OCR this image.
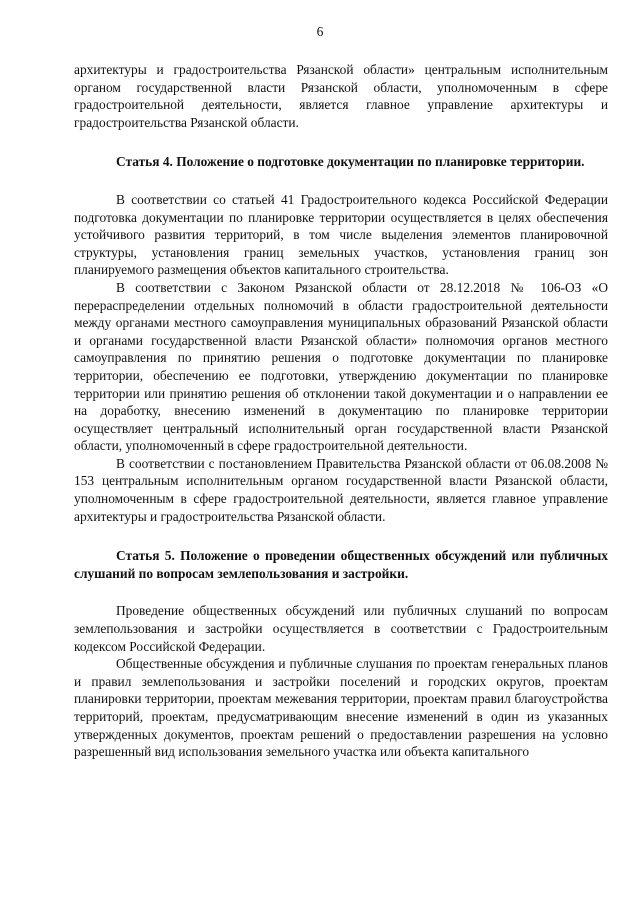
6

архитектуры и градостроительства Рязанской области» центральным исполнительным органом государственной власти Рязанской области, уполномоченным в сфере градостроительной деятельности, является главное управление архитектуры и градостроительства Рязанской области.

Статья 4. Положение о подготовке документации по планировке территории.

В соответствии со статьей 41 Градостроительного кодекса Российской Федерации подготовка документации по планировке территории осуществляется в целях обеспечения устойчивого развития территорий, в том числе выделения элементов планировочной структуры, установления границ земельных участков, установления границ зон планируемого размещения объектов капитального строительства.

В соответствии с Законом Рязанской области от 28.12.2018 № 106-ОЗ «О перераспределении отдельных полномочий в области градостроительной деятельности между органами местного самоуправления муниципальных образований Рязанской области и органами государственной власти Рязанской области» полномочия органов местного самоуправления по принятию решения о подготовке документации по планировке территории, обеспечению ее подготовки, утверждению документации по планировке территории или принятию решения об отклонении такой документации и о направлении ее на доработку, внесению изменений в документацию по планировке территории осуществляет центральный исполнительный орган государственной власти Рязанской области, уполномоченный в сфере градостроительной деятельности.

В соответствии с постановлением Правительства Рязанской области от 06.08.2008 № 153 центральным исполнительным органом государственной власти Рязанской области, уполномоченным в сфере градостроительной деятельности, является главное управление архитектуры и градостроительства Рязанской области.

Статья 5. Положение о проведении общественных обсуждений или публичных слушаний по вопросам землепользования и застройки.

Проведение общественных обсуждений или публичных слушаний по вопросам землепользования и застройки осуществляется в соответствии с Градостроительным кодексом Российской Федерации.

Общественные обсуждения и публичные слушания по проектам генеральных планов и правил землепользования и застройки поселений и городских округов, проектам планировки территории, проектам межевания территории, проектам правил благоустройства территорий, проектам, предусматривающим внесение изменений в один из указанных утвержденных документов, проектам решений о предоставлении разрешения на условно разрешенный вид использования земельного участка или объекта капитального
